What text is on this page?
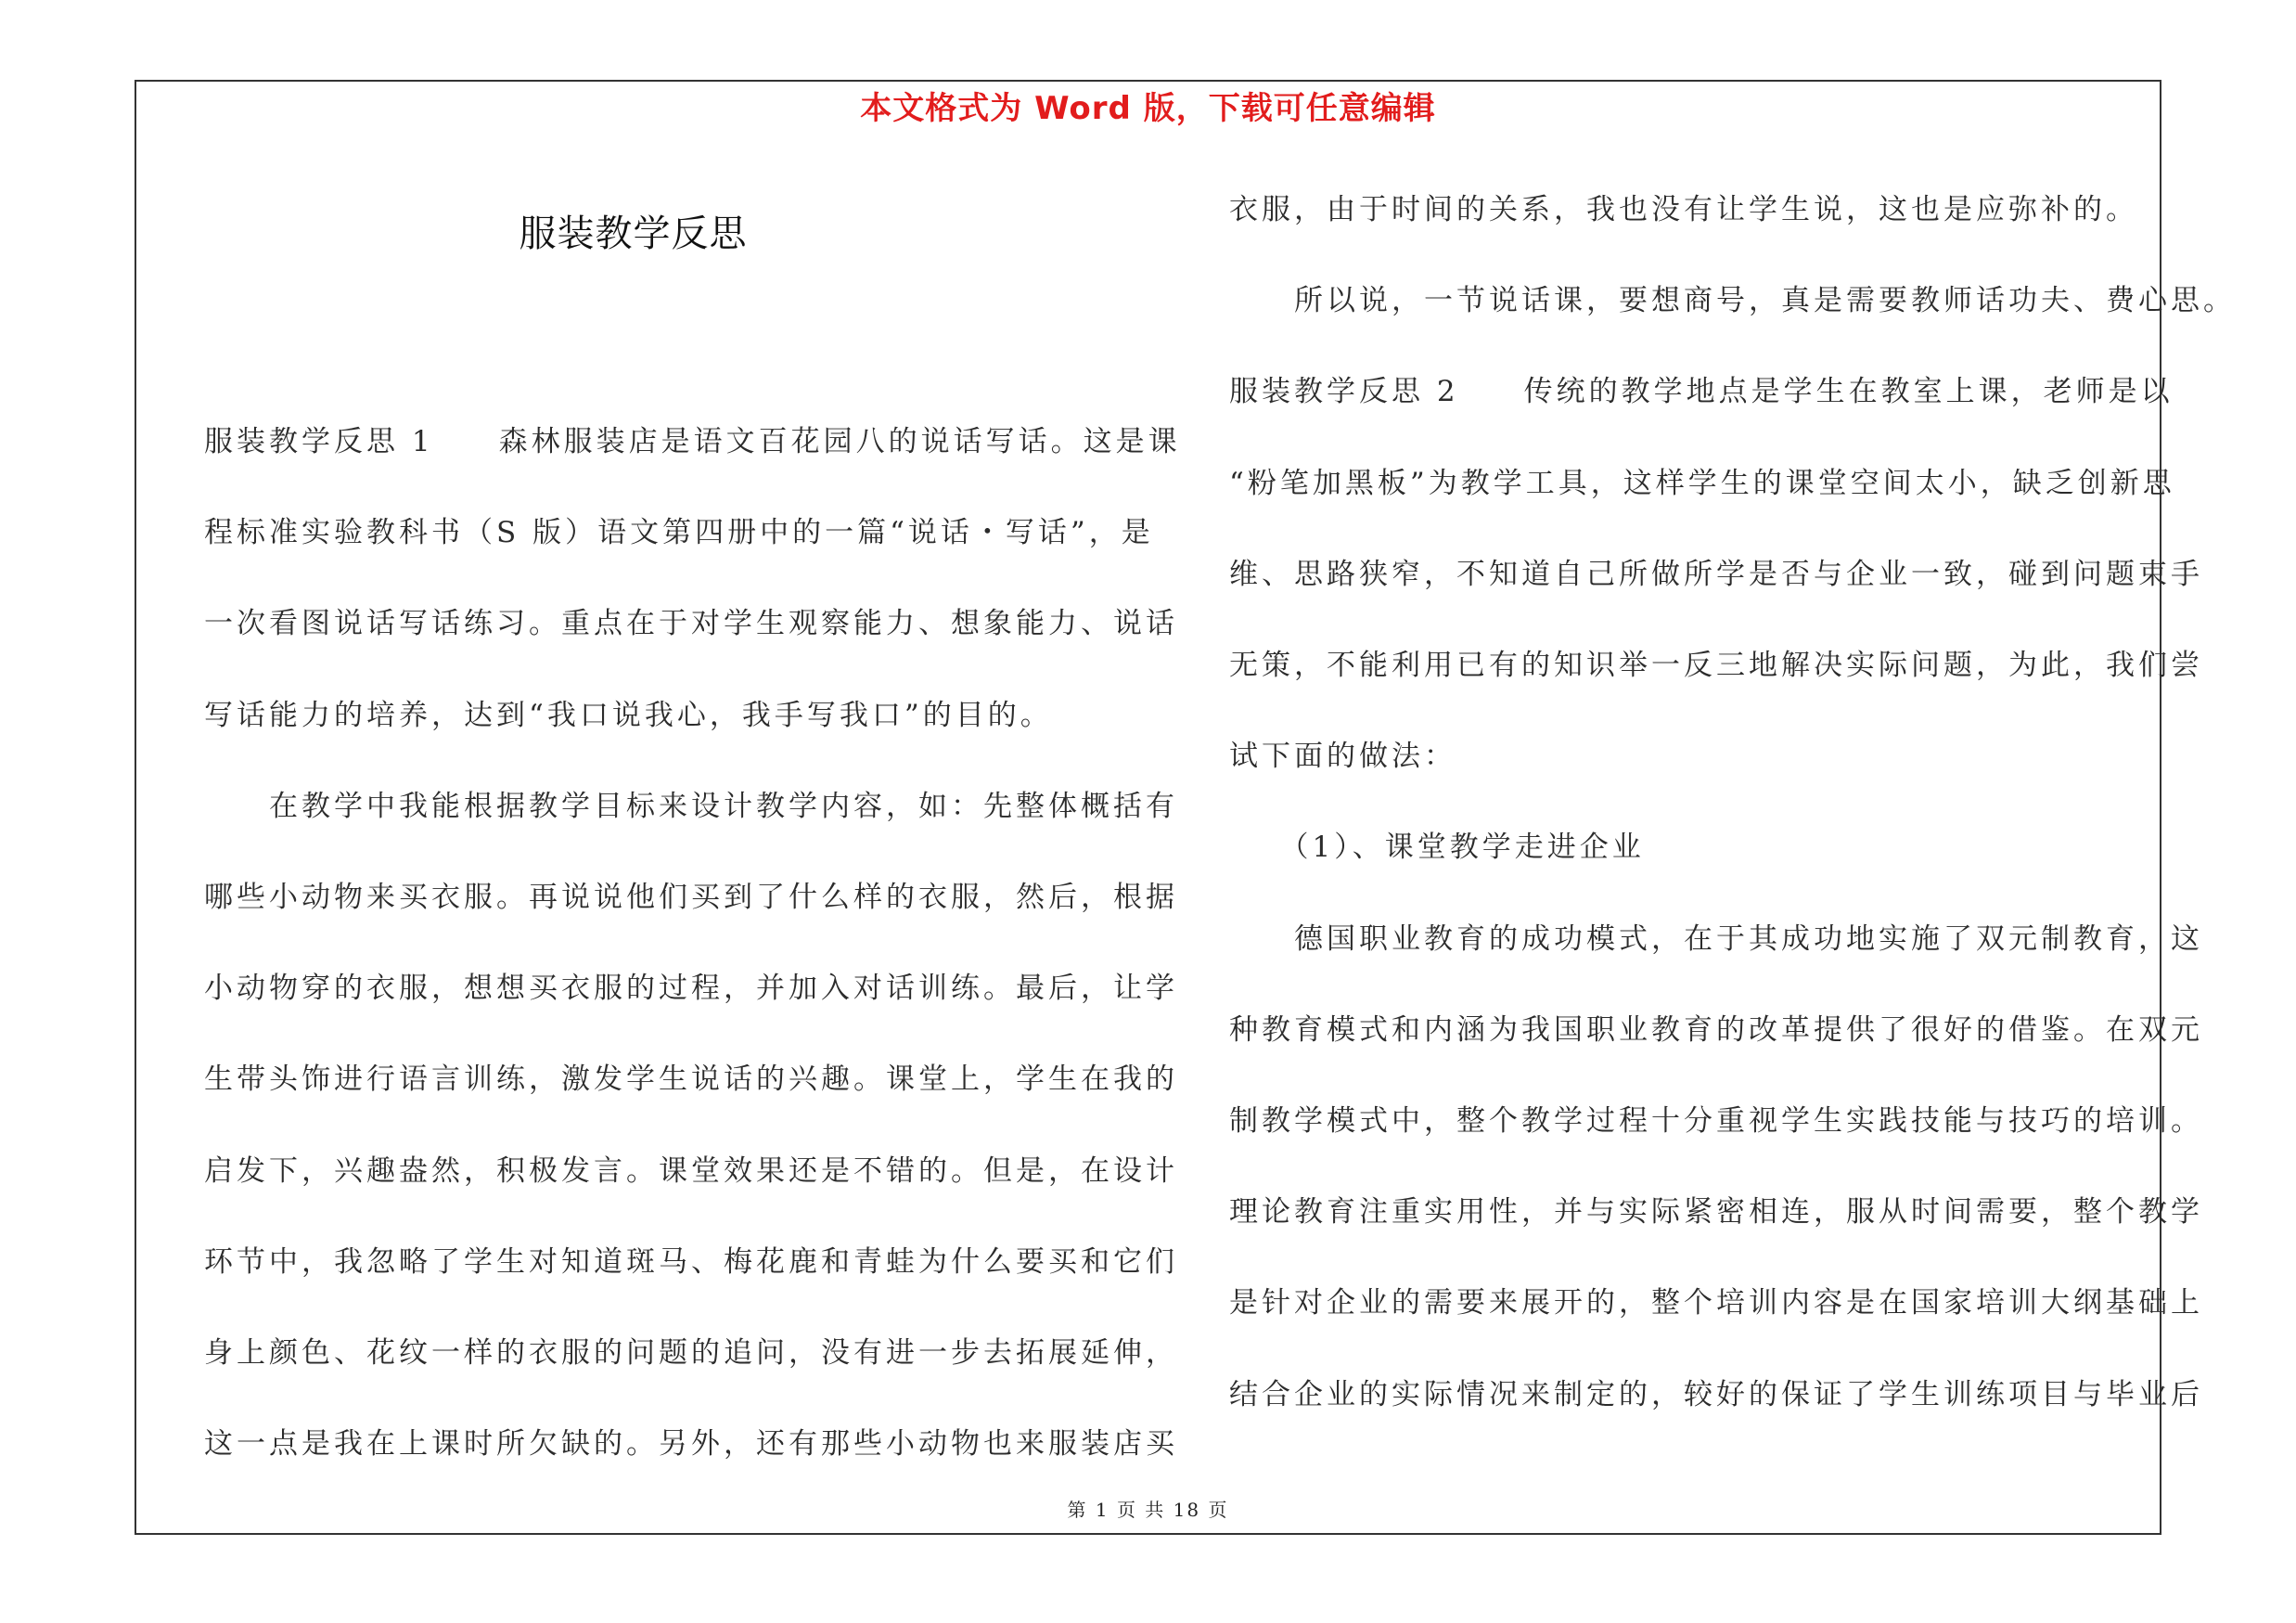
本文格式为 Word 版，下载可任意编辑
服装教学反思
服装教学反思 1　　森林服装店是语文百花园八的说话写话。这是课
程标准实验教科书（S 版）语文第四册中的一篇“说话・写话”，是
一次看图说话写话练习。重点在于对学生观察能力、想象能力、说话
写话能力的培养，达到“我口说我心，我手写我口”的目的。
　　在教学中我能根据教学目标来设计教学内容，如：先整体概括有
哪些小动物来买衣服。再说说他们买到了什么样的衣服，然后，根据
小动物穿的衣服，想想买衣服的过程，并加入对话训练。最后，让学
生带头饰进行语言训练，激发学生说话的兴趣。课堂上，学生在我的
启发下，兴趣盎然，积极发言。课堂效果还是不错的。但是，在设计
环节中，我忽略了学生对知道斑马、梅花鹿和青蛙为什么要买和它们
身上颜色、花纹一样的衣服的问题的追问，没有进一步去拓展延伸，
这一点是我在上课时所欠缺的。另外，还有那些小动物也来服装店买
衣服，由于时间的关系，我也没有让学生说，这也是应弥补的。
　　所以说，一节说话课，要想商号，真是需要教师话功夫、费心思。
服装教学反思 2　　传统的教学地点是学生在教室上课，老师是以
“粉笔加黑板”为教学工具，这样学生的课堂空间太小，缺乏创新思
维、思路狭窄，不知道自己所做所学是否与企业一致，碰到问题束手
无策，不能利用已有的知识举一反三地解决实际问题，为此，我们尝
试下面的做法：
　　（1）、课堂教学走进企业
　　德国职业教育的成功模式，在于其成功地实施了双元制教育，这
种教育模式和内涵为我国职业教育的改革提供了很好的借鉴。在双元
制教学模式中，整个教学过程十分重视学生实践技能与技巧的培训。
理论教育注重实用性，并与实际紧密相连，服从时间需要，整个教学
是针对企业的需要来展开的，整个培训内容是在国家培训大纲基础上
结合企业的实际情况来制定的，较好的保证了学生训练项目与毕业后
第 1 页 共 18 页
